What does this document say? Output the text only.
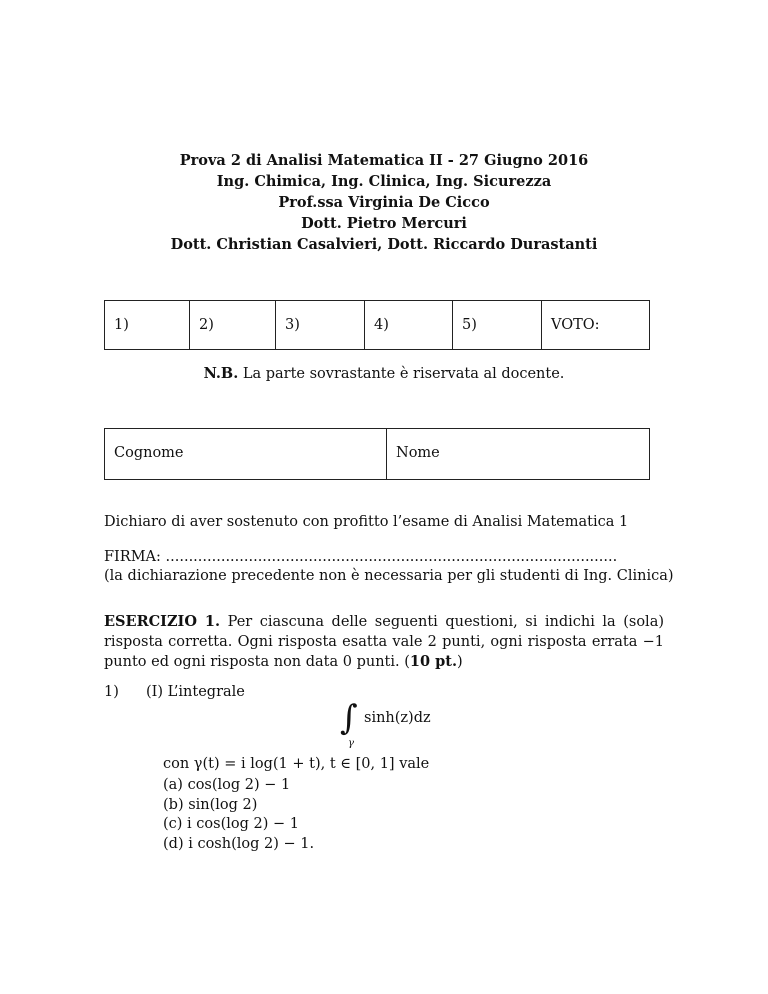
Prova 2 di Analisi Matematica II - 27 Giugno 2016
Ing. Chimica, Ing. Clinica, Ing. Sicurezza
Prof.ssa Virginia De Cicco
Dott. Pietro Mercuri
Dott. Christian Casalvieri, Dott. Riccardo Durastanti
1)	2)	3)	4)	5)	VOTO:
N.B. La parte sovrastante è riservata al docente.
Cognome	Nome
Dichiaro di aver sostenuto con profitto l’esame di Analisi Matematica 1
FIRMA: ..................................................................................................
(la dichiarazione precedente non è necessaria per gli studenti di Ing. Clinica)
ESERCIZIO 1. Per ciascuna delle seguenti questioni, si indichi la (sola) risposta corretta. Ogni risposta esatta vale 2 punti, ogni risposta errata −1 punto ed ogni risposta non data 0 punti. (10 pt.)
1) (I) L’integrale
∫ sinh(z)dz
γ
con γ(t) = i log(1 + t), t ∈ [0, 1] vale
(a) cos(log 2) − 1
(b) sin(log 2)
(c) i cos(log 2) − 1
(d) i cosh(log 2) − 1.
